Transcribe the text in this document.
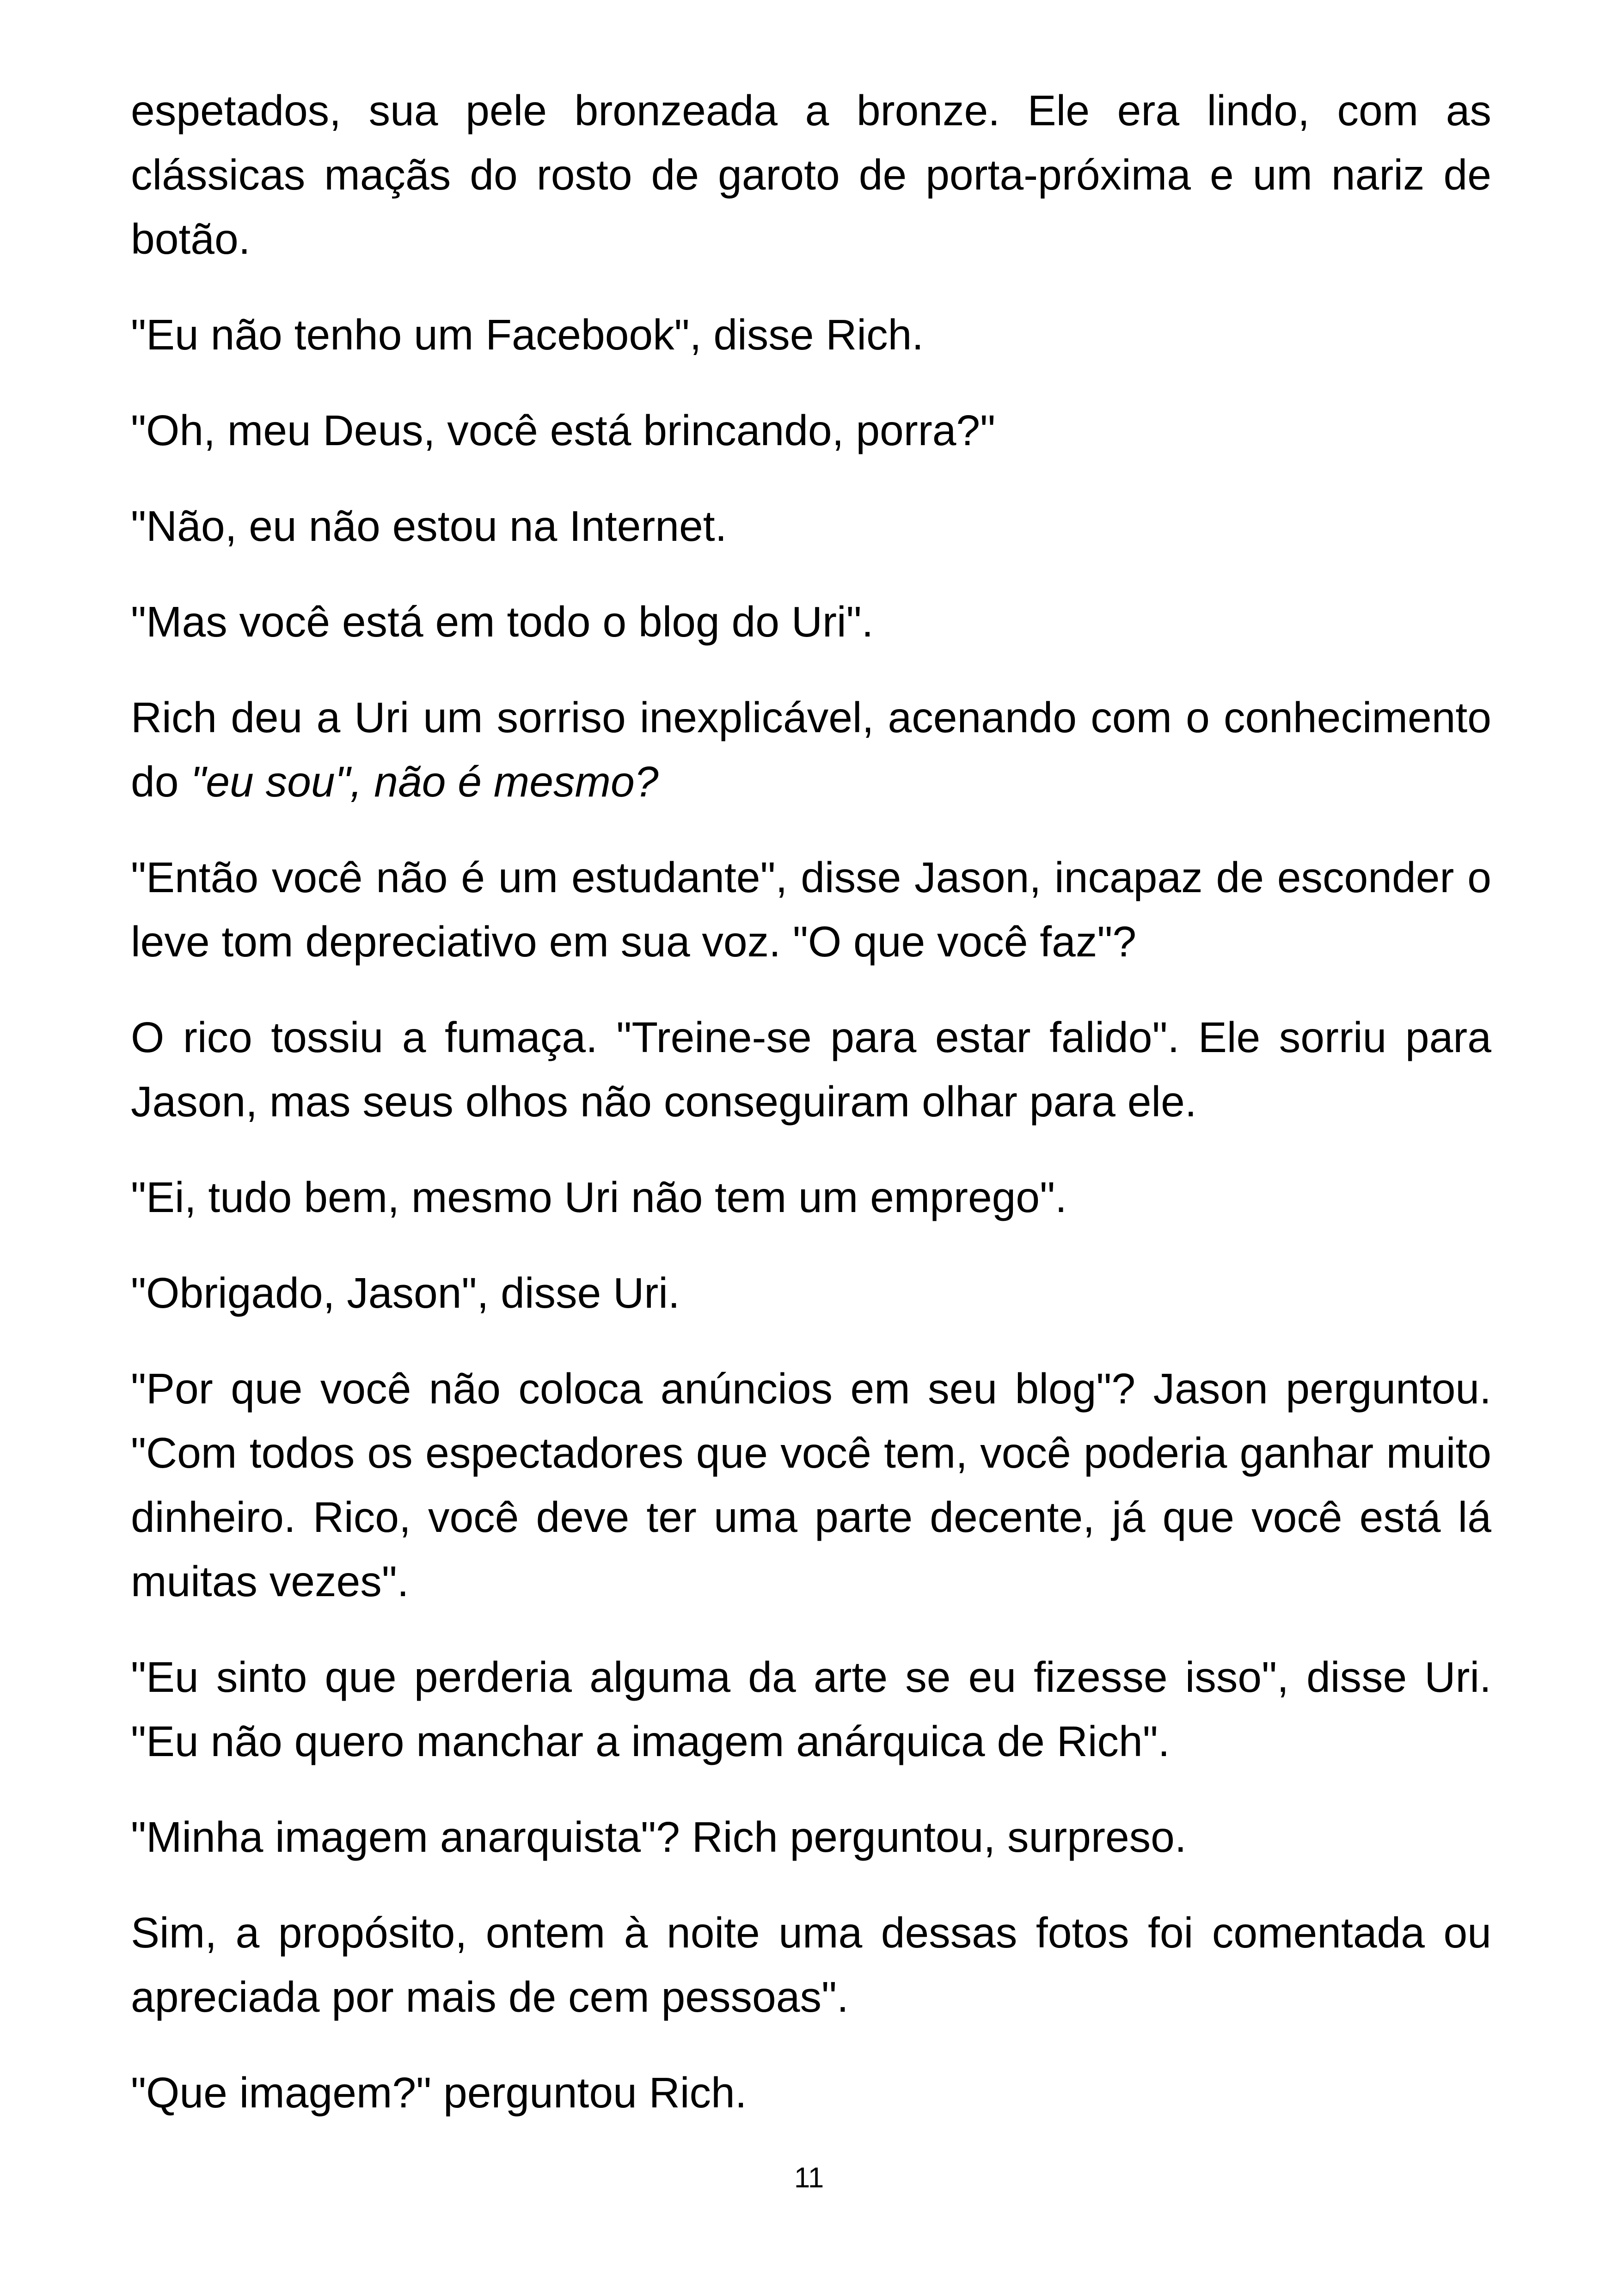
espetados, sua pele bronzeada a bronze. Ele era lindo, com as clássicas maçãs do rosto de garoto de porta-próxima e um nariz de botão.

"Eu não tenho um Facebook", disse Rich.

"Oh, meu Deus, você está brincando, porra?"

"Não, eu não estou na Internet.

"Mas você está em todo o blog do Uri".

Rich deu a Uri um sorriso inexplicável, acenando com o conhecimento do "eu sou", não é mesmo?

"Então você não é um estudante", disse Jason, incapaz de esconder o leve tom depreciativo em sua voz. "O que você faz"?

O rico tossiu a fumaça. "Treine-se para estar falido". Ele sorriu para Jason, mas seus olhos não conseguiram olhar para ele.

"Ei, tudo bem, mesmo Uri não tem um emprego".

"Obrigado, Jason", disse Uri.

"Por que você não coloca anúncios em seu blog"? Jason perguntou. "Com todos os espectadores que você tem, você poderia ganhar muito dinheiro. Rico, você deve ter uma parte decente, já que você está lá muitas vezes".

"Eu sinto que perderia alguma da arte se eu fizesse isso", disse Uri. "Eu não quero manchar a imagem anárquica de Rich".

"Minha imagem anarquista"? Rich perguntou, surpreso.

Sim, a propósito, ontem à noite uma dessas fotos foi comentada ou apreciada por mais de cem pessoas".

"Que imagem?" perguntou Rich.

11
